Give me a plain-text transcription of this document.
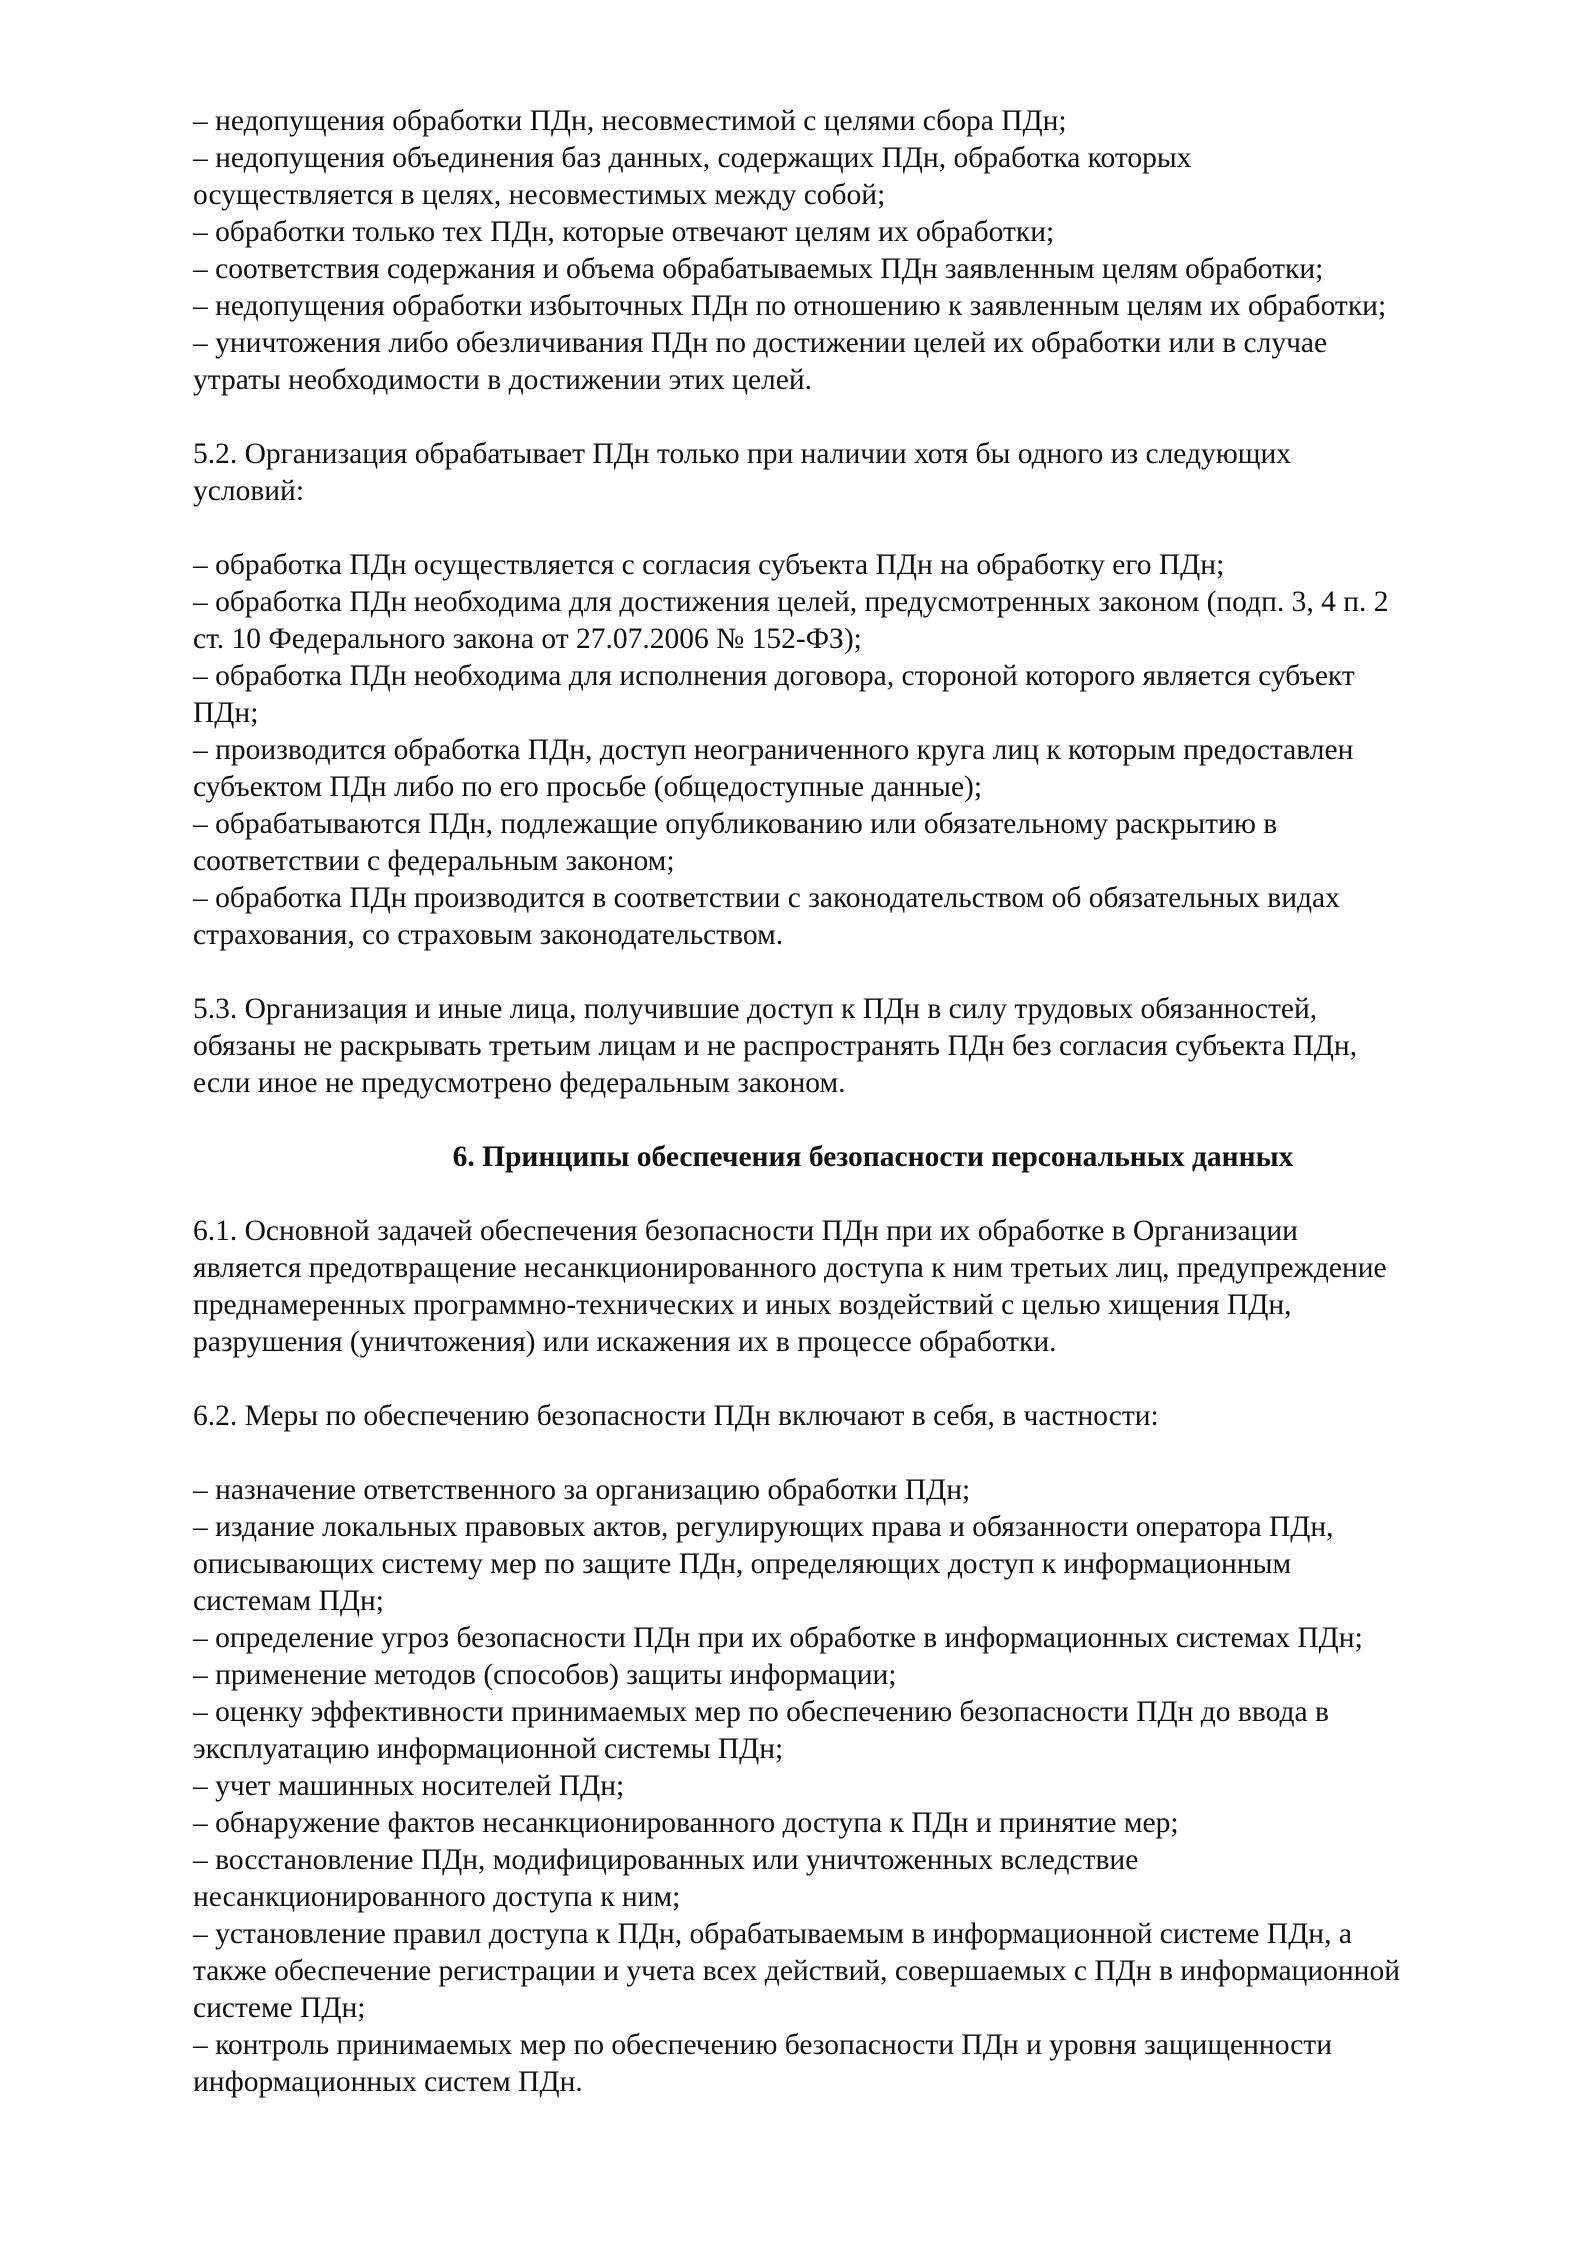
– недопущения обработки ПДн, несовместимой с целями сбора ПДн;
– недопущения объединения баз данных, содержащих ПДн, обработка которых
осуществляется в целях, несовместимых между собой;
– обработки только тех ПДн, которые отвечают целям их обработки;
– соответствия содержания и объема обрабатываемых ПДн заявленным целям обработки;
– недопущения обработки избыточных ПДн по отношению к заявленным целям их обработки;
– уничтожения либо обезличивания ПДн по достижении целей их обработки или в случае
утраты необходимости в достижении этих целей.
5.2. Организация обрабатывает ПДн только при наличии хотя бы одного из следующих
условий:
– обработка ПДн осуществляется с согласия субъекта ПДн на обработку его ПДн;
– обработка ПДн необходима для достижения целей, предусмотренных законом (подп. 3, 4 п. 2
ст. 10 Федерального закона от 27.07.2006 № 152-ФЗ);
– обработка ПДн необходима для исполнения договора, стороной которого является субъект
ПДн;
– производится обработка ПДн, доступ неограниченного круга лиц к которым предоставлен
субъектом ПДн либо по его просьбе (общедоступные данные);
– обрабатываются ПДн, подлежащие опубликованию или обязательному раскрытию в
соответствии с федеральным законом;
– обработка ПДн производится в соответствии с законодательством об обязательных видах
страхования, со страховым законодательством.
5.3. Организация и иные лица, получившие доступ к ПДн в силу трудовых обязанностей,
обязаны не раскрывать третьим лицам и не распространять ПДн без согласия субъекта ПДн,
если иное не предусмотрено федеральным законом.
6. Принципы обеспечения безопасности персональных данных
6.1. Основной задачей обеспечения безопасности ПДн при их обработке в Организации
является предотвращение несанкционированного доступа к ним третьих лиц, предупреждение
преднамеренных программно-технических и иных воздействий с целью хищения ПДн,
разрушения (уничтожения) или искажения их в процессе обработки.
6.2. Меры по обеспечению безопасности ПДн включают в себя, в частности:
– назначение ответственного за организацию обработки ПДн;
– издание локальных правовых актов, регулирующих права и обязанности оператора ПДн,
описывающих систему мер по защите ПДн, определяющих доступ к информационным
системам ПДн;
– определение угроз безопасности ПДн при их обработке в информационных системах ПДн;
– применение методов (способов) защиты информации;
– оценку эффективности принимаемых мер по обеспечению безопасности ПДн до ввода в
эксплуатацию информационной системы ПДн;
– учет машинных носителей ПДн;
– обнаружение фактов несанкционированного доступа к ПДн и принятие мер;
– восстановление ПДн, модифицированных или уничтоженных вследствие
несанкционированного доступа к ним;
– установление правил доступа к ПДн, обрабатываемым в информационной системе ПДн, а
также обеспечение регистрации и учета всех действий, совершаемых с ПДн в информационной
системе ПДн;
– контроль принимаемых мер по обеспечению безопасности ПДн и уровня защищенности
информационных систем ПДн.
